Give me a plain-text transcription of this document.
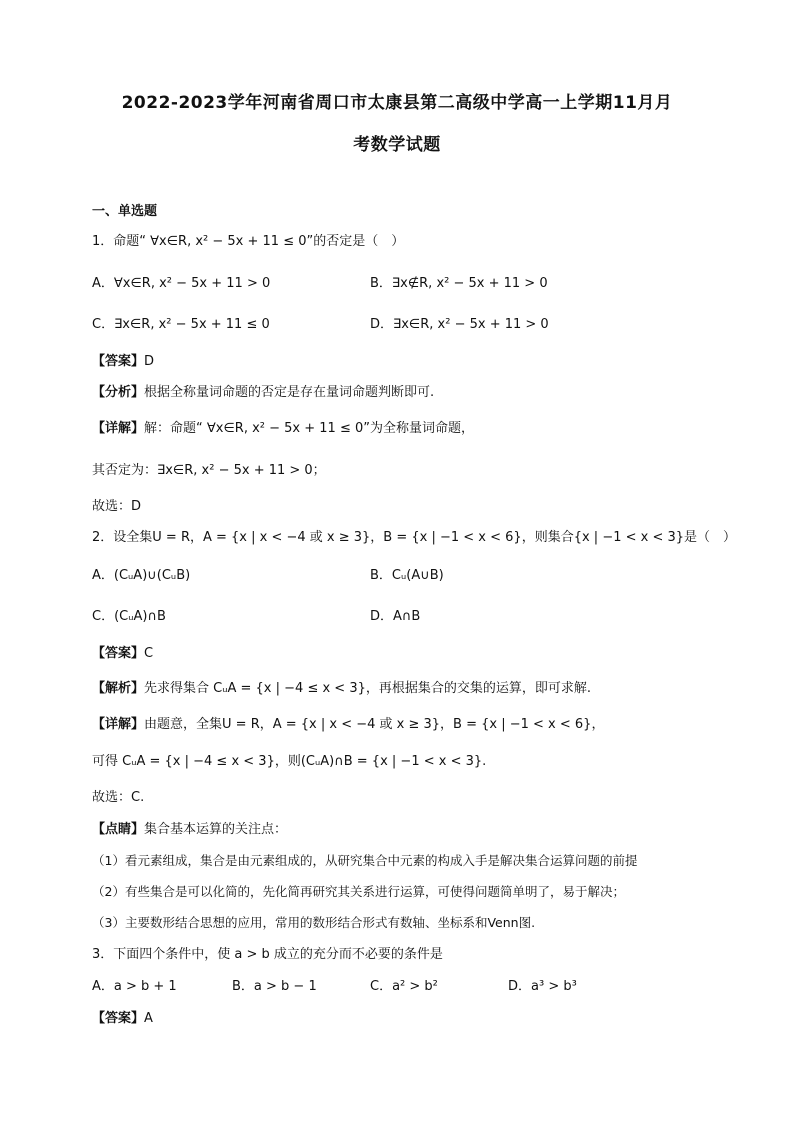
2022-2023学年河南省周口市太康县第二高级中学高一上学期11月月
考数学试题
一、单选题
1．命题“ ∀x∈R, x² − 5x + 11 ≤ 0”的否定是（　）
A．∀x∈R, x² − 5x + 11 > 0	B．∃x∉R, x² − 5x + 11 > 0
C．∃x∈R, x² − 5x + 11 ≤ 0	D．∃x∈R, x² − 5x + 11 > 0
【答案】D
【分析】根据全称量词命题的否定是存在量词命题判断即可.
【详解】解：命题“ ∀x∈R, x² − 5x + 11 ≤ 0”为全称量词命题，
其否定为：∃x∈R, x² − 5x + 11 > 0；
故选：D
2．设全集U = R，A = {x | x < −4 或 x ≥ 3}，B = {x | −1 < x < 6}，则集合{x | −1 < x < 3}是（　）
A．(CᵤA)∪(CᵤB)	B．Cᵤ(A∪B)
C．(CᵤA)∩B	D．A∩B
【答案】C
【解析】先求得集合 CᵤA = {x | −4 ≤ x < 3}，再根据集合的交集的运算，即可求解.
【详解】由题意，全集U = R，A = {x | x < −4 或 x ≥ 3}，B = {x | −1 < x < 6}，
可得 CᵤA = {x | −4 ≤ x < 3}，则(CᵤA)∩B = {x | −1 < x < 3}.
故选：C.
【点睛】集合基本运算的关注点：
（1）看元素组成，集合是由元素组成的，从研究集合中元素的构成入手是解决集合运算问题的前提
（2）有些集合是可以化简的，先化简再研究其关系进行运算，可使得问题简单明了，易于解决；
（3）主要数形结合思想的应用，常用的数形结合形式有数轴、坐标系和Venn图.
3．下面四个条件中，使 a > b 成立的充分而不必要的条件是
A．a > b + 1	B．a > b − 1	C．a² > b²	D．a³ > b³
【答案】A
